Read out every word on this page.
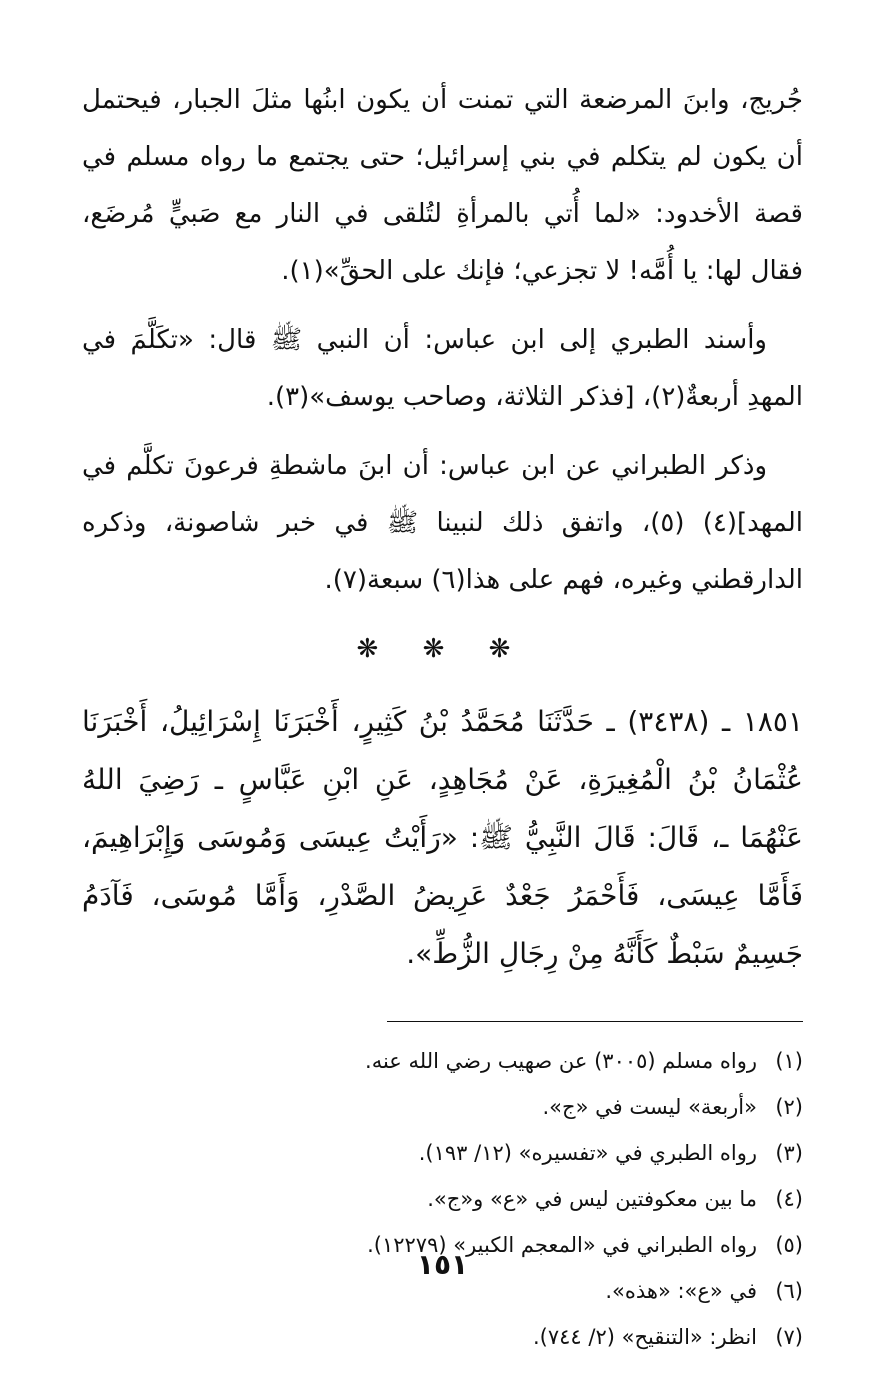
جُريج، وابنَ المرضعة التي تمنت أن يكون ابنُها مثلَ الجبار، فيحتمل أن يكون لم يتكلم في بني إسرائيل؛ حتى يجتمع ما رواه مسلم في قصة الأخدود: «لما أُتي بالمرأةِ لتُلقى في النار مع صَبيٍّ مُرضَع، فقال لها: يا أُمَّه! لا تجزعي؛ فإنك على الحقِّ»(١).

وأسند الطبري إلى ابن عباس: أن النبي ﷺ قال: «تكَلَّمَ في المهدِ أربعةٌ(٢)، [فذكر الثلاثة، وصاحب يوسف»(٣).

وذكر الطبراني عن ابن عباس: أن ابنَ ماشطةِ فرعونَ تكلَّم في المهد](٤) (٥)، واتفق ذلك لنبينا ﷺ في خبر شاصونة، وذكره الدارقطني وغيره، فهم على هذا(٦) سبعة(٧).

❋ ❋ ❋

١٨٥١ ـ (٣٤٣٨) ـ حَدَّثَنَا مُحَمَّدُ بْنُ كَثِيرٍ، أَخْبَرَنَا إِسْرَائِيلُ، أَخْبَرَنَا عُثْمَانُ بْنُ الْمُغِيرَةِ، عَنْ مُجَاهِدٍ، عَنِ ابْنِ عَبَّاسٍ ـ رَضِيَ اللهُ عَنْهُمَا ـ، قَالَ: قَالَ النَّبِيُّ ﷺ: «رَأَيْتُ عِيسَى وَمُوسَى وَإِبْرَاهِيمَ، فَأَمَّا عِيسَى، فَأَحْمَرُ جَعْدٌ عَرِيضُ الصَّدْرِ، وَأَمَّا مُوسَى، فَآدَمُ جَسِيمٌ سَبْطٌ كَأَنَّهُ مِنْ رِجَالِ الزُّطِّ».

(١)
رواه مسلم (٣٠٠٥) عن صهيب رضي الله عنه.
(٢)
«أربعة» ليست في «ج».
(٣)
رواه الطبري في «تفسيره» (١٢/ ١٩٣).
(٤)
ما بين معكوفتين ليس في «ع» و«ج».
(٥)
رواه الطبراني في «المعجم الكبير» (١٢٢٧٩).
(٦)
في «ع»: «هذه».
(٧)
انظر: «التنقيح» (٢/ ٧٤٤).
١٥١
